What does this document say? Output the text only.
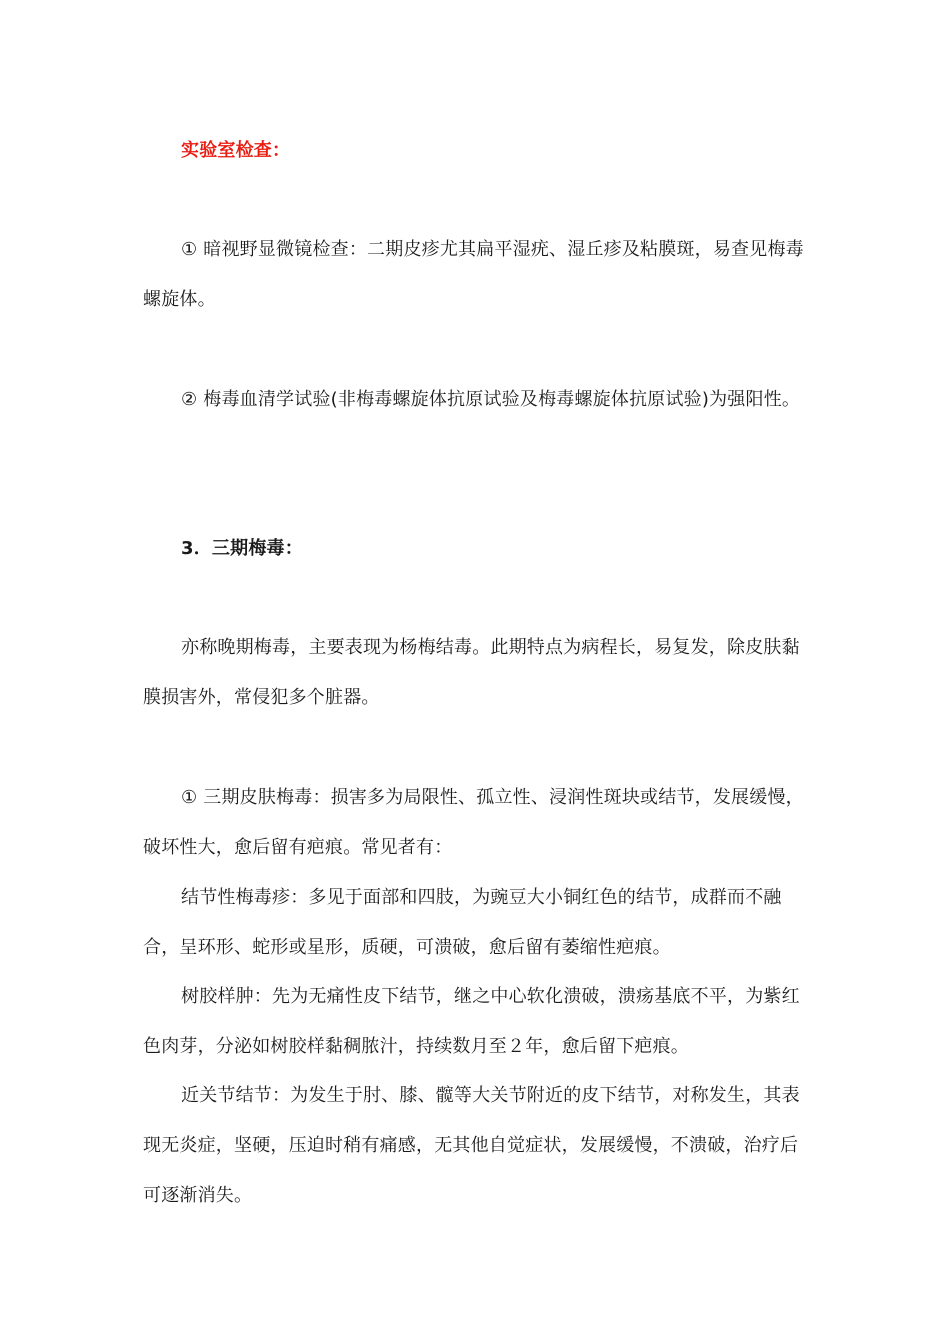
实验室检查：

① 暗视野显微镜检查：二期皮疹尤其扁平湿疣、湿丘疹及粘膜斑，易查见梅毒螺旋体。

② 梅毒血清学试验(非梅毒螺旋体抗原试验及梅毒螺旋体抗原试验)为强阳性。

3．三期梅毒：

亦称晚期梅毒，主要表现为杨梅结毒。此期特点为病程长，易复发，除皮肤黏膜损害外，常侵犯多个脏器。

① 三期皮肤梅毒：损害多为局限性、孤立性、浸润性斑块或结节，发展缓慢，破坏性大，愈后留有疤痕。常见者有：

结节性梅毒疹：多见于面部和四肢，为豌豆大小铜红色的结节，成群而不融合，呈环形、蛇形或星形，质硬，可溃破，愈后留有萎缩性疤痕。

树胶样肿：先为无痛性皮下结节，继之中心软化溃破，溃疡基底不平，为紫红色肉芽，分泌如树胶样黏稠脓汁，持续数月至２年，愈后留下疤痕。

近关节结节：为发生于肘、膝、髋等大关节附近的皮下结节，对称发生，其表现无炎症，坚硬，压迫时稍有痛感，无其他自觉症状，发展缓慢，不溃破，治疗后可逐渐消失。
